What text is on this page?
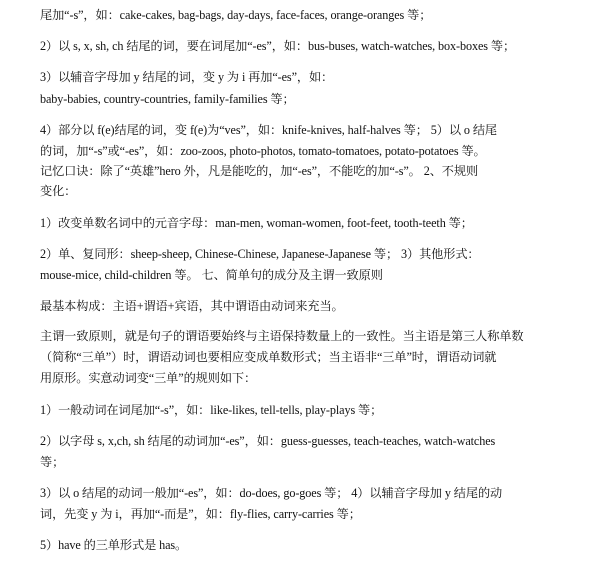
尾加“-s”，如：cake-cakes, bag-bags, day-days, face-faces, orange-oranges 等；
2）以 s, x, sh, ch 结尾的词，要在词尾加“-es”，如：bus-buses, watch-watches, box-boxes 等；
3）以辅音字母加 y 结尾的词，变 y 为 i 再加“-es”，如：
baby-babies, country-countries, family-families 等；
4）部分以 f(e)结尾的词，变 f(e)为“ves”，如：knife-knives, half-halves 等； 5）以 o 结尾
的词，加“-s”或“-es”，如：zoo-zoos, photo-photos, tomato-tomatoes, potato-potatoes 等。
记忆口诀：除了“英雄”hero 外，凡是能吃的，加“-es”，不能吃的加“-s”。 2、不规则
变化：
1）改变单数名词中的元音字母：man-men, woman-women, foot-feet, tooth-teeth 等；
2）单、复同形：sheep-sheep, Chinese-Chinese, Japanese-Japanese 等； 3）其他形式：
mouse-mice, child-children 等。 七、简单句的成分及主谓一致原则
最基本构成：主语+谓语+宾语，其中谓语由动词来充当。
主谓一致原则，就是句子的谓语要始终与主语保持数量上的一致性。当主语是第三人称单数
（简称“三单”）时，谓语动词也要相应变成单数形式；当主语非“三单”时，谓语动词就
用原形。实意动词变“三单”的规则如下：
1）一般动词在词尾加“-s”，如：like-likes, tell-tells, play-plays 等；
2）以字母 s, x,ch, sh 结尾的动词加“-es”，如：guess-guesses, teach-teaches, watch-watches
等；
3）以 o 结尾的动词一般加“-es”，如：do-does, go-goes 等； 4）以辅音字母加 y 结尾的动
词，先变 y 为 i，再加“-而是”，如：fly-flies, carry-carries 等；
5）have 的三单形式是 has。
